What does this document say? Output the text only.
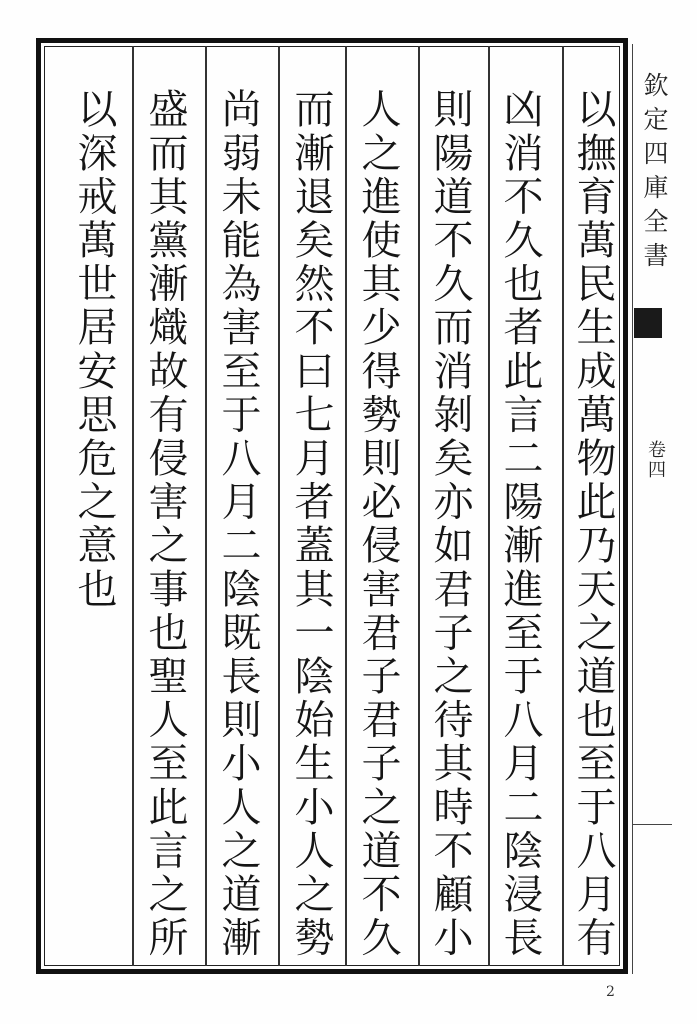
以撫育萬民生成萬物此乃天之道也至于八月有
凶消不久也者此言二陽漸進至于八月二陰浸長
則陽道不久而消剝矣亦如君子之待其時不顧小
人之進使其少得勢則必侵害君子君子之道不久
而漸退矣然不曰七月者蓋其一陰始生小人之勢
尚弱未能為害至于八月二陰既長則小人之道漸
盛而其黨漸熾故有侵害之事也聖人至此言之所
以深戒萬世居安思危之意也	欽定四庫全書
卷四
2
